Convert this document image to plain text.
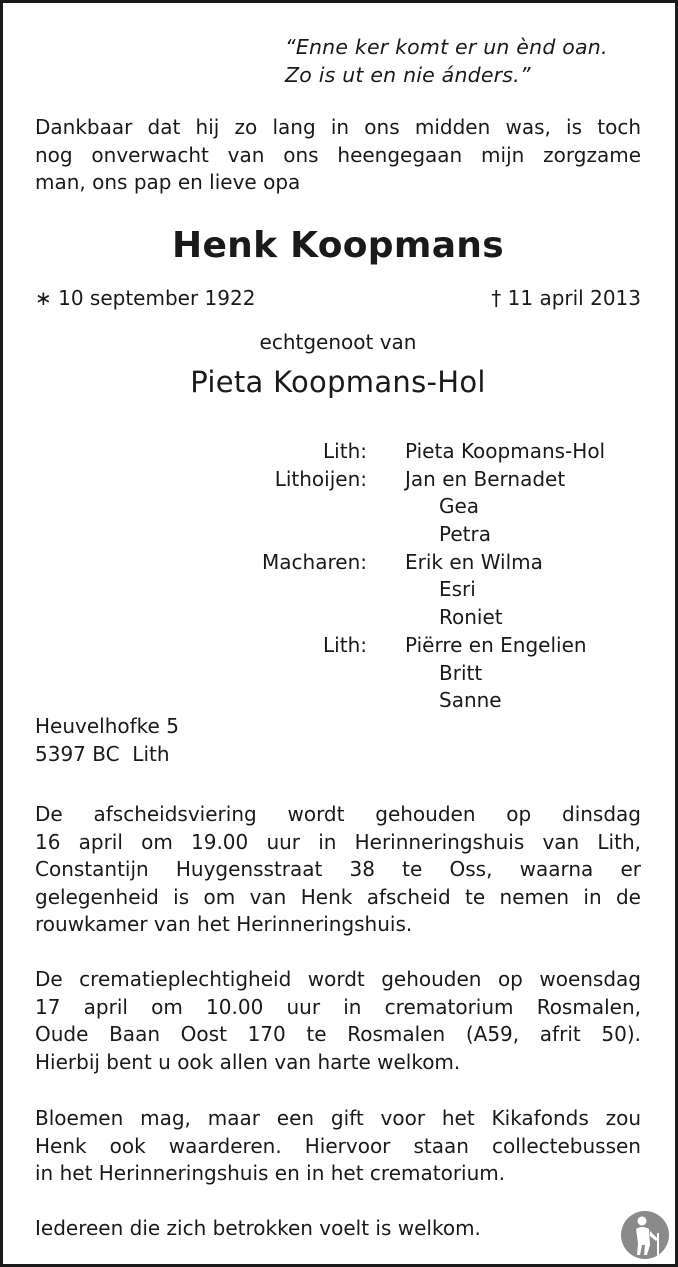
“Enne ker komt er un ènd oan.
Zo is ut en nie ánders.”
Dankbaar dat hij zo lang in ons midden was, is toch
nog onverwacht van ons heengegaan mijn zorgzame
man, ons pap en lieve opa
Henk Koopmans
∗ 10 september 1922	† 11 april 2013
echtgenoot van
Pieta Koopmans-Hol
Lith: Pieta Koopmans-Hol
Lithoijen: Jan en Bernadet
Gea
Petra
Macharen: Erik en Wilma
Esri
Roniet
Lith: Piërre en Engelien
Britt
Sanne
Heuvelhofke 5
5397 BC  Lith
De afscheidsviering wordt gehouden op dinsdag
16 april om 19.00 uur in Herinneringshuis van Lith,
Constantijn Huygensstraat 38 te Oss, waarna er
gelegenheid is om van Henk afscheid te nemen in de
rouwkamer van het Herinneringshuis.
De crematieplechtigheid wordt gehouden op woensdag
17 april om 10.00 uur in crematorium Rosmalen,
Oude Baan Oost 170 te Rosmalen (A59, afrit 50).
Hierbij bent u ook allen van harte welkom.
Bloemen mag, maar een gift voor het Kikafonds zou
Henk ook waarderen. Hiervoor staan collectebussen
in het Herinneringshuis en in het crematorium.
Iedereen die zich betrokken voelt is welkom.
